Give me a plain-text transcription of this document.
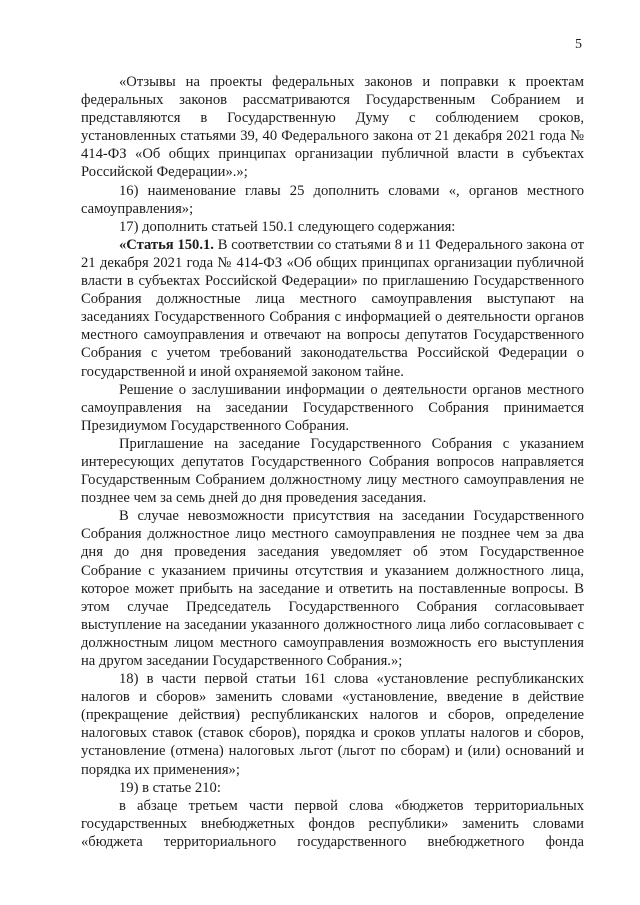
5

«Отзывы на проекты федеральных законов и поправки к проектам федеральных законов рассматриваются Государственным Собранием и представляются в Государственную Думу с соблюдением сроков, установленных статьями 39, 40 Федерального закона от 21 декабря 2021 года № 414-ФЗ «Об общих принципах организации публичной власти в субъектах Российской Федерации».»;

16) наименование главы 25 дополнить словами «, органов местного самоуправления»;

17) дополнить статьей 150.1 следующего содержания:

«Статья 150.1. В соответствии со статьями 8 и 11 Федерального закона от 21 декабря 2021 года № 414-ФЗ «Об общих принципах организации публичной власти в субъектах Российской Федерации» по приглашению Государственного Собрания должностные лица местного самоуправления выступают на заседаниях Государственного Собрания с информацией о деятельности органов местного самоуправления и отвечают на вопросы депутатов Государственного Собрания с учетом требований законодательства Российской Федерации о государственной и иной охраняемой законом тайне.

Решение о заслушивании информации о деятельности органов местного самоуправления на заседании Государственного Собрания принимается Президиумом Государственного Собрания.

Приглашение на заседание Государственного Собрания с указанием интересующих депутатов Государственного Собрания вопросов направляется Государственным Собранием должностному лицу местного самоуправления не позднее чем за семь дней до дня проведения заседания.

В случае невозможности присутствия на заседании Государственного Собрания должностное лицо местного самоуправления не позднее чем за два дня до дня проведения заседания уведомляет об этом Государственное Собрание с указанием причины отсутствия и указанием должностного лица, которое может прибыть на заседание и ответить на поставленные вопросы. В этом случае Председатель Государственного Собрания согласовывает выступление на заседании указанного должностного лица либо согласовывает с должностным лицом местного самоуправления возможность его выступления на другом заседании Государственного Собрания.»;

18) в части первой статьи 161 слова «установление республиканских налогов и сборов» заменить словами «установление, введение в действие (прекращение действия) республиканских налогов и сборов, определение налоговых ставок (ставок сборов), порядка и сроков уплаты налогов и сборов, установление (отмена) налоговых льгот (льгот по сборам) и (или) оснований и порядка их применения»;

19) в статье 210:

в абзаце третьем части первой слова «бюджетов территориальных государственных внебюджетных фондов республики» заменить словами «бюджета территориального государственного внебюджетного фонда
